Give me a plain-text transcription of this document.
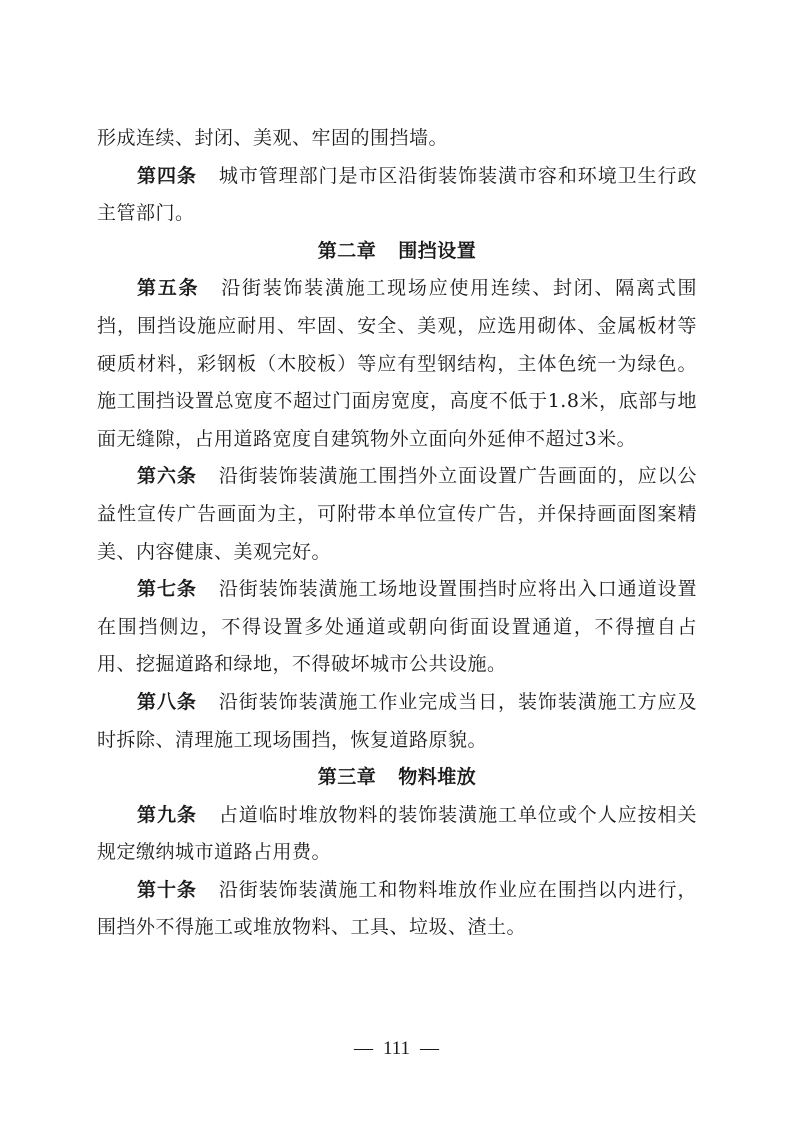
形成连续、封闭、美观、牢固的围挡墙。

第四条 城市管理部门是市区沿街装饰装潢市容和环境卫生行政主管部门。

第二章 围挡设置

第五条 沿街装饰装潢施工现场应使用连续、封闭、隔离式围挡，围挡设施应耐用、牢固、安全、美观，应选用砌体、金属板材等硬质材料，彩钢板（木胶板）等应有型钢结构，主体色统一为绿色。施工围挡设置总宽度不超过门面房宽度，高度不低于1.8米，底部与地面无缝隙，占用道路宽度自建筑物外立面向外延伸不超过3米。

第六条 沿街装饰装潢施工围挡外立面设置广告画面的，应以公益性宣传广告画面为主，可附带本单位宣传广告，并保持画面图案精美、内容健康、美观完好。

第七条 沿街装饰装潢施工场地设置围挡时应将出入口通道设置在围挡侧边，不得设置多处通道或朝向街面设置通道，不得擅自占用、挖掘道路和绿地，不得破坏城市公共设施。

第八条 沿街装饰装潢施工作业完成当日，装饰装潢施工方应及时拆除、清理施工现场围挡，恢复道路原貌。

第三章 物料堆放

第九条 占道临时堆放物料的装饰装潢施工单位或个人应按相关规定缴纳城市道路占用费。

第十条 沿街装饰装潢施工和物料堆放作业应在围挡以内进行，围挡外不得施工或堆放物料、工具、垃圾、渣土。

— 111 —
